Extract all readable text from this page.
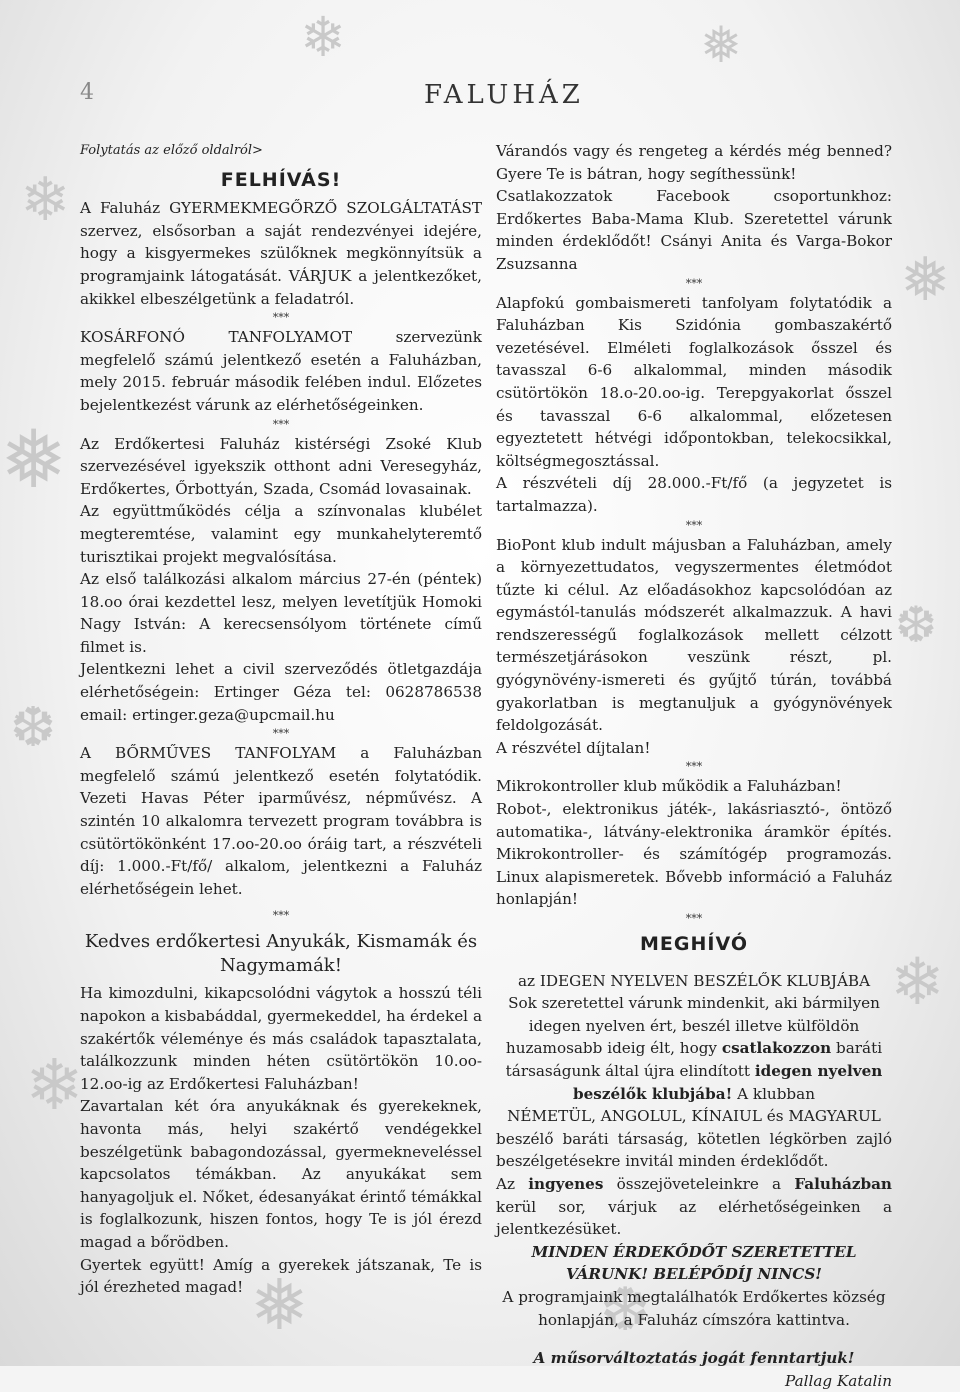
❄
❅
❆
❄
❅
❆
❄
❅	❆
❄	❅
4	FALUHÁZ

Folytatás az előző oldalról>

FELHÍVÁS!

A Faluház GYERMEKMEGŐRZŐ SZOLGÁLTATÁST szervez, elsősorban a saját rendezvényei idejére, hogy a kisgyermekes szülőknek megkönnyítsük a programjaink látogatását. VÁRJUK a jelentkezőket, akikkel elbeszélgetünk a feladatról.

***

KOSÁRFONÓ TANFOLYAMOT szervezünk megfelelő számú jelentkező esetén a Faluházban, mely 2015. február második felében indul. Előzetes bejelentkezést várunk az elérhetőségeinken.

***

Az Erdőkertesi Faluház kistérségi Zsoké Klub szervezésével igyekszik otthont adni Veresegyház, Erdőkertes, Őrbottyán, Szada, Csomád lovasainak.

Az együttműködés célja a színvonalas klubélet megteremtése, valamint egy munkahelyteremtő turisztikai projekt megvalósítása.

Az első találkozási alkalom március 27-én (péntek) 18.oo órai kezdettel lesz, melyen levetítjük Homoki Nagy István: A kerecsensólyom története című filmet is.

Jelentkezni lehet a civil szerveződés ötletgazdája elérhetőségein: Ertinger Géza tel: 0628786538 email: ertinger.geza@upcmail.hu

***

A BŐRMŰVES TANFOLYAM a Faluházban megfelelő számú jelentkező esetén folytatódik. Vezeti Havas Péter iparművész, népművész. A szintén 10 alkalomra tervezett program továbbra is csütörtökönként 17.oo-20.oo óráig tart, a részvételi díj: 1.000.-Ft/fő/ alkalom, jelentkezni a Faluház elérhetőségein lehet.

***
Kedves erdőkertesi Anyukák, Kismamák és Nagymamák!

Ha kimozdulni, kikapcsolódni vágytok a hosszú téli napokon a kisbabáddal, gyermekeddel, ha érdekel a szakértők véleménye és más családok tapasztalata, találkozzunk minden héten csütörtökön 10.oo-12.oo-ig az Erdőkertesi Faluházban!

Zavartalan két óra anyukáknak és gyerekeknek, havonta más, helyi szakértő vendégekkel beszélgetünk babagondozással, gyermekneveléssel kapcsolatos témákban. Az anyukákat sem hanyagoljuk el. Nőket, édesanyákat érintő témákkal is foglalkozunk, hiszen fontos, hogy Te is jól érezd magad a bőrödben.

Gyertek együtt! Amíg a gyerekek játszanak, Te is jól érezheted magad!

Várandós vagy és rengeteg a kérdés még benned? Gyere Te is bátran, hogy segíthessünk!

Csatlakozzatok Facebook csoportunkhoz: Erdőkertes Baba-Mama Klub. Szeretettel várunk minden érdeklődőt! Csányi Anita és Varga-Bokor Zsuzsanna

***

Alapfokú gombaismereti tanfolyam folytatódik a Faluházban Kis Szidónia gombaszakértő vezetésével. Elméleti foglalkozások ősszel és tavasszal 6-6 alkalommal, minden második csütörtökön 18.o-20.oo-ig. Terepgyakorlat ősszel és tavasszal 6-6 alkalommal, előzetesen egyeztetett hétvégi időpontokban, telekocsikkal, költségmegosztással.

A részvételi díj 28.000.-Ft/fő (a jegyzetet is tartalmazza).

***

BioPont klub indult májusban a Faluházban, amely a környezettudatos, vegyszermentes életmódot tűzte ki célul. Az előadásokhoz kapcsolódóan az egymástól-tanulás módszerét alkalmazzuk. A havi rendszerességű foglalkozások mellett célzott természetjárásokon veszünk részt, pl. gyógynövény-ismereti és gyűjtő túrán, továbbá gyakorlatban is megtanuljuk a gyógynövények feldolgozását.

A részvétel díjtalan!

***

Mikrokontroller klub működik a Faluházban!

Robot-, elektronikus játék-, lakásriasztó-, öntöző automatika-, látvány-elektronika áramkör építés. Mikrokontroller- és számítógép programozás. Linux alapismeretek. Bővebb információ a Faluház honlapján!

***
MEGHÍVÓ

az IDEGEN NYELVEN BESZÉLŐK KLUBJÁBA

Sok szeretettel várunk mindenkit, aki bármilyen idegen nyelven ért, beszél illetve külföldön huzamosabb ideig élt, hogy csatlakozzon baráti társaságunk által újra elindított idegen nyelven beszélők klubjába! A klubban

NÉMETÜL, ANGOLUL, KÍNAIUL és MAGYARUL

beszélő baráti társaság, kötetlen légkörben zajló beszélgetésekre invitál minden érdeklődőt.

Az ingyenes összejöveteleinkre a Faluházban kerül sor, várjuk az elérhetőségeinken a jelentkezésüket.

MINDEN ÉRDEKŐDŐT SZERETETTEL VÁRUNK! BELÉPŐDÍJ NINCS!

A programjaink megtalálhatók Erdőkertes község honlapján, a Faluház címszóra kattintva.

A műsorváltoztatás jogát fenntartjuk!

Pallag Katalin
